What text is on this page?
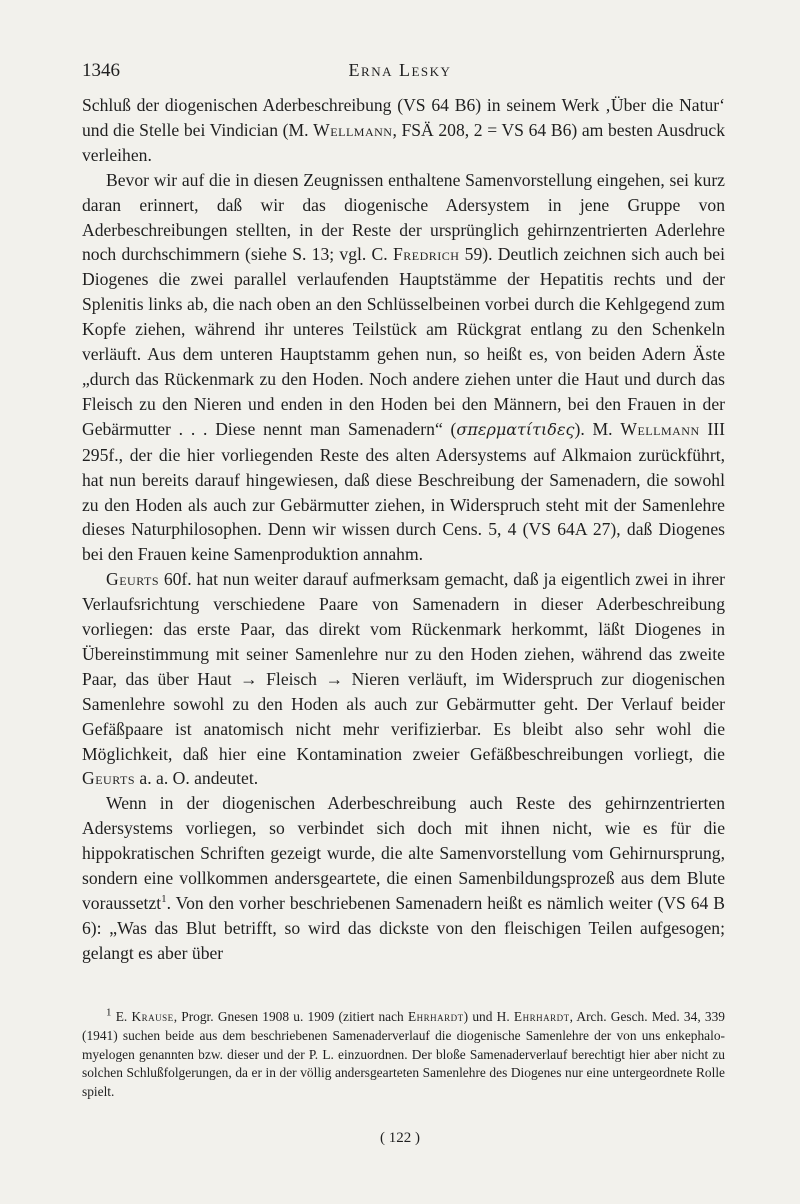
1346	Erna Lesky

Schluß der diogenischen Aderbeschreibung (VS 64 B6) in seinem Werk ‚Über die Natur‘ und die Stelle bei Vindician (M. Wellmann, FSÄ 208, 2 = VS 64 B6) am besten Ausdruck verleihen.

Bevor wir auf die in diesen Zeugnissen enthaltene Samenvorstellung eingehen, sei kurz daran erinnert, daß wir das diogenische Adersystem in jene Gruppe von Aderbeschreibungen stellten, in der Reste der ursprünglich gehirnzentrierten Aderlehre noch durchschimmern (siehe S. 13; vgl. C. Fredrich 59). Deutlich zeichnen sich auch bei Diogenes die zwei parallel verlaufenden Hauptstämme der Hepatitis rechts und der Splenitis links ab, die nach oben an den Schlüsselbeinen vorbei durch die Kehlgegend zum Kopfe ziehen, während ihr unteres Teilstück am Rückgrat entlang zu den Schenkeln verläuft. Aus dem unteren Hauptstamm gehen nun, so heißt es, von beiden Adern Äste „durch das Rückenmark zu den Hoden. Noch andere ziehen unter die Haut und durch das Fleisch zu den Nieren und enden in den Hoden bei den Männern, bei den Frauen in der Gebärmutter . . . Diese nennt man Samenadern“ (σπερματίτιδες). M. Wellmann III 295f., der die hier vorliegenden Reste des alten Adersystems auf Alkmaion zurückführt, hat nun bereits darauf hingewiesen, daß diese Beschreibung der Samenadern, die sowohl zu den Hoden als auch zur Gebärmutter ziehen, in Widerspruch steht mit der Samenlehre dieses Naturphilosophen. Denn wir wissen durch Cens. 5, 4 (VS 64A 27), daß Diogenes bei den Frauen keine Samenproduktion annahm.

Geurts 60f. hat nun weiter darauf aufmerksam gemacht, daß ja eigentlich zwei in ihrer Verlaufsrichtung verschiedene Paare von Samenadern in dieser Aderbeschreibung vorliegen: das erste Paar, das direkt vom Rückenmark herkommt, läßt Diogenes in Übereinstimmung mit seiner Samenlehre nur zu den Hoden ziehen, während das zweite Paar, das über Haut → Fleisch → Nieren verläuft, im Widerspruch zur diogenischen Samenlehre sowohl zu den Hoden als auch zur Gebärmutter geht. Der Verlauf beider Gefäßpaare ist anatomisch nicht mehr verifizierbar. Es bleibt also sehr wohl die Möglichkeit, daß hier eine Kontamination zweier Gefäßbeschreibungen vorliegt, die Geurts a. a. O. andeutet.

Wenn in der diogenischen Aderbeschreibung auch Reste des gehirnzentrierten Adersystems vorliegen, so verbindet sich doch mit ihnen nicht, wie es für die hippokratischen Schriften gezeigt wurde, die alte Samenvorstellung vom Gehirnursprung, sondern eine vollkommen andersgeartete, die einen Samenbildungsprozeß aus dem Blute voraussetzt$^1$. Von den vorher beschriebenen Samenadern heißt es nämlich weiter (VS 64 B 6): „Was das Blut betrifft, so wird das dickste von den fleischigen Teilen aufgesogen; gelangt es aber über

$^1$ E. Krause, Progr. Gnesen 1908 u. 1909 (zitiert nach Ehrhardt) und H. Ehrhardt, Arch. Gesch. Med. 34, 339 (1941) suchen beide aus dem beschriebenen Samenaderverlauf die diogenische Samenlehre der von uns enkephalo-myelogen genannten bzw. dieser und der P. L. einzuordnen. Der bloße Samenaderverlauf berechtigt hier aber nicht zu solchen Schlußfolgerungen, da er in der völlig andersgearteten Samenlehre des Diogenes nur eine untergeordnete Rolle spielt.

( 122 )
